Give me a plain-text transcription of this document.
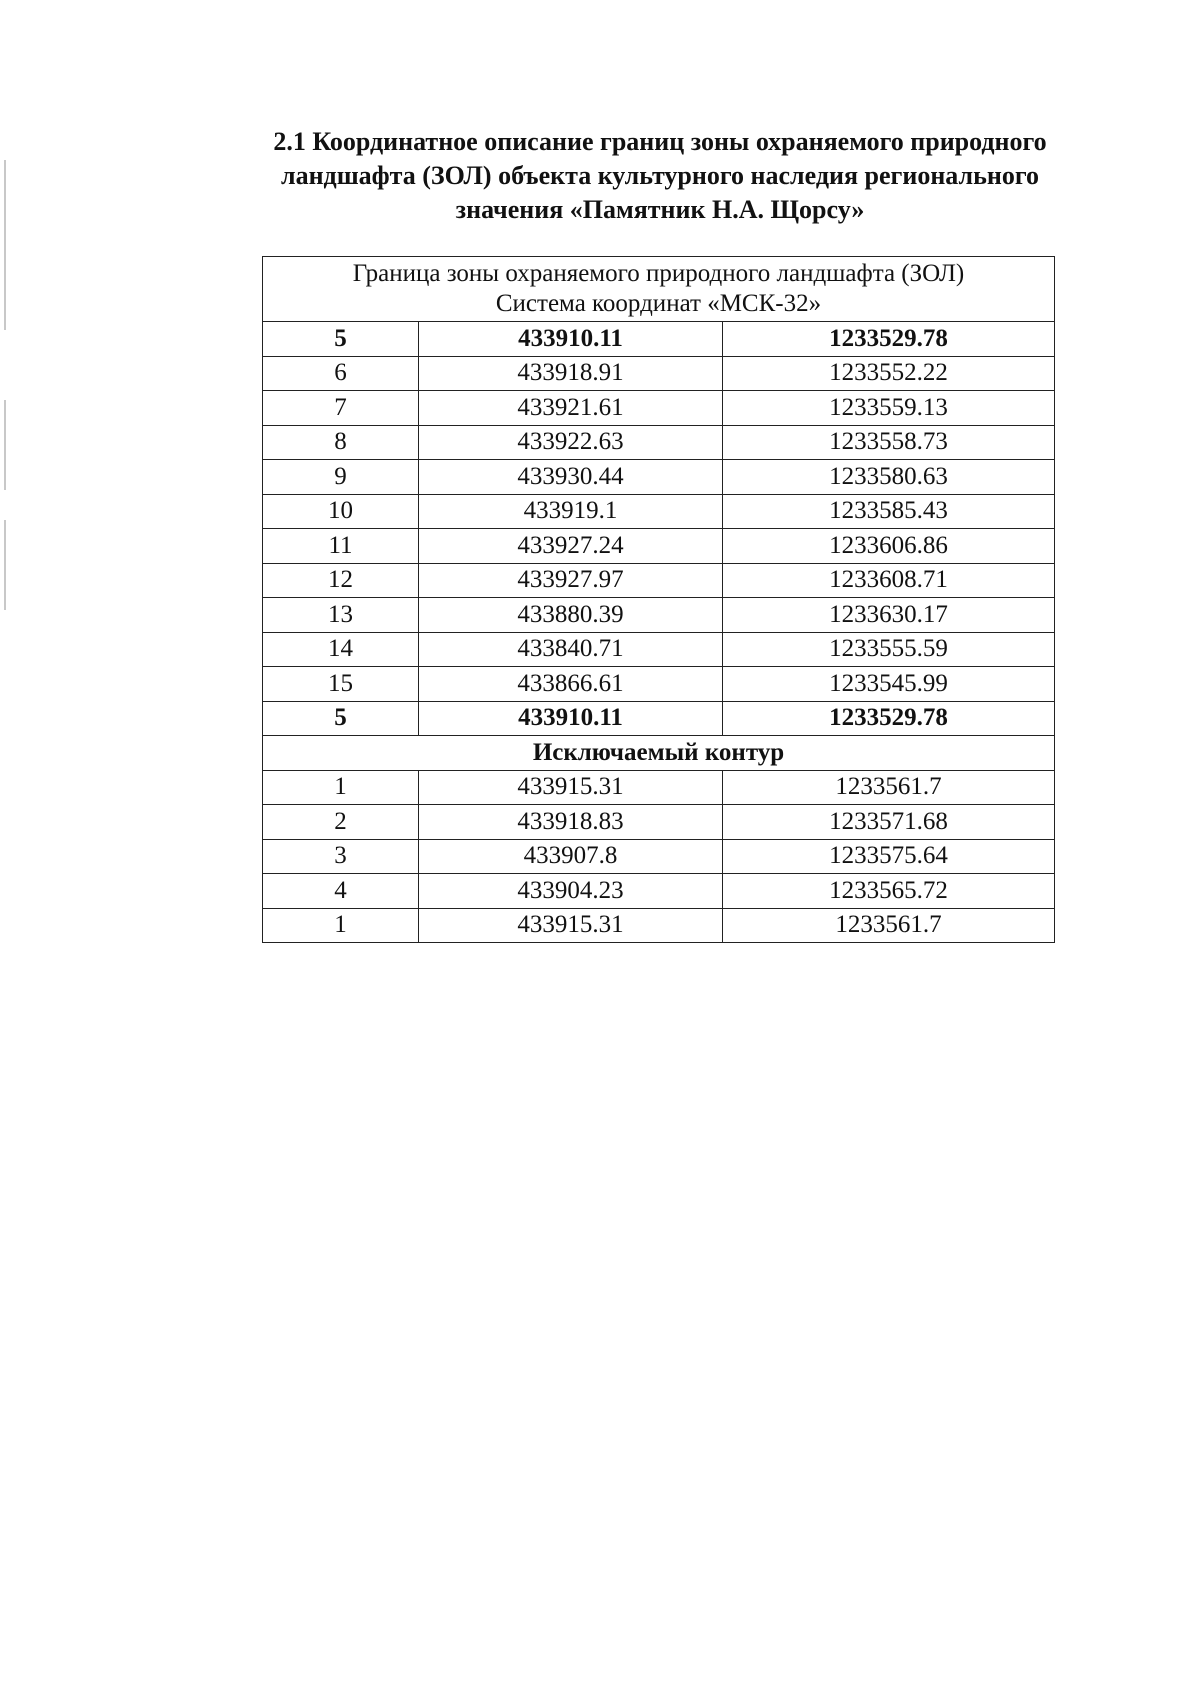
2.1 Координатное описание границ зоны охраняемого природного
ландшафта (ЗОЛ) объекта культурного наследия регионального
значения «Памятник Н.А. Щорсу»
Граница зоны охраняемого природного ландшафта (ЗОЛ)
Система координат «МСК-32»		

5	433910.11	1233529.78
6	433918.91	1233552.22
7	433921.61	1233559.13
8	433922.63	1233558.73
9	433930.44	1233580.63
10	433919.1	1233585.43
11	433927.24	1233606.86
12	433927.97	1233608.71
13	433880.39	1233630.17
14	433840.71	1233555.59
15	433866.61	1233545.99
5	433910.11	1233529.78
Исключаемый контур		
1	433915.31	1233561.7
2	433918.83	1233571.68
3	433907.8	1233575.64
4	433904.23	1233565.72
1	433915.31	1233561.7
